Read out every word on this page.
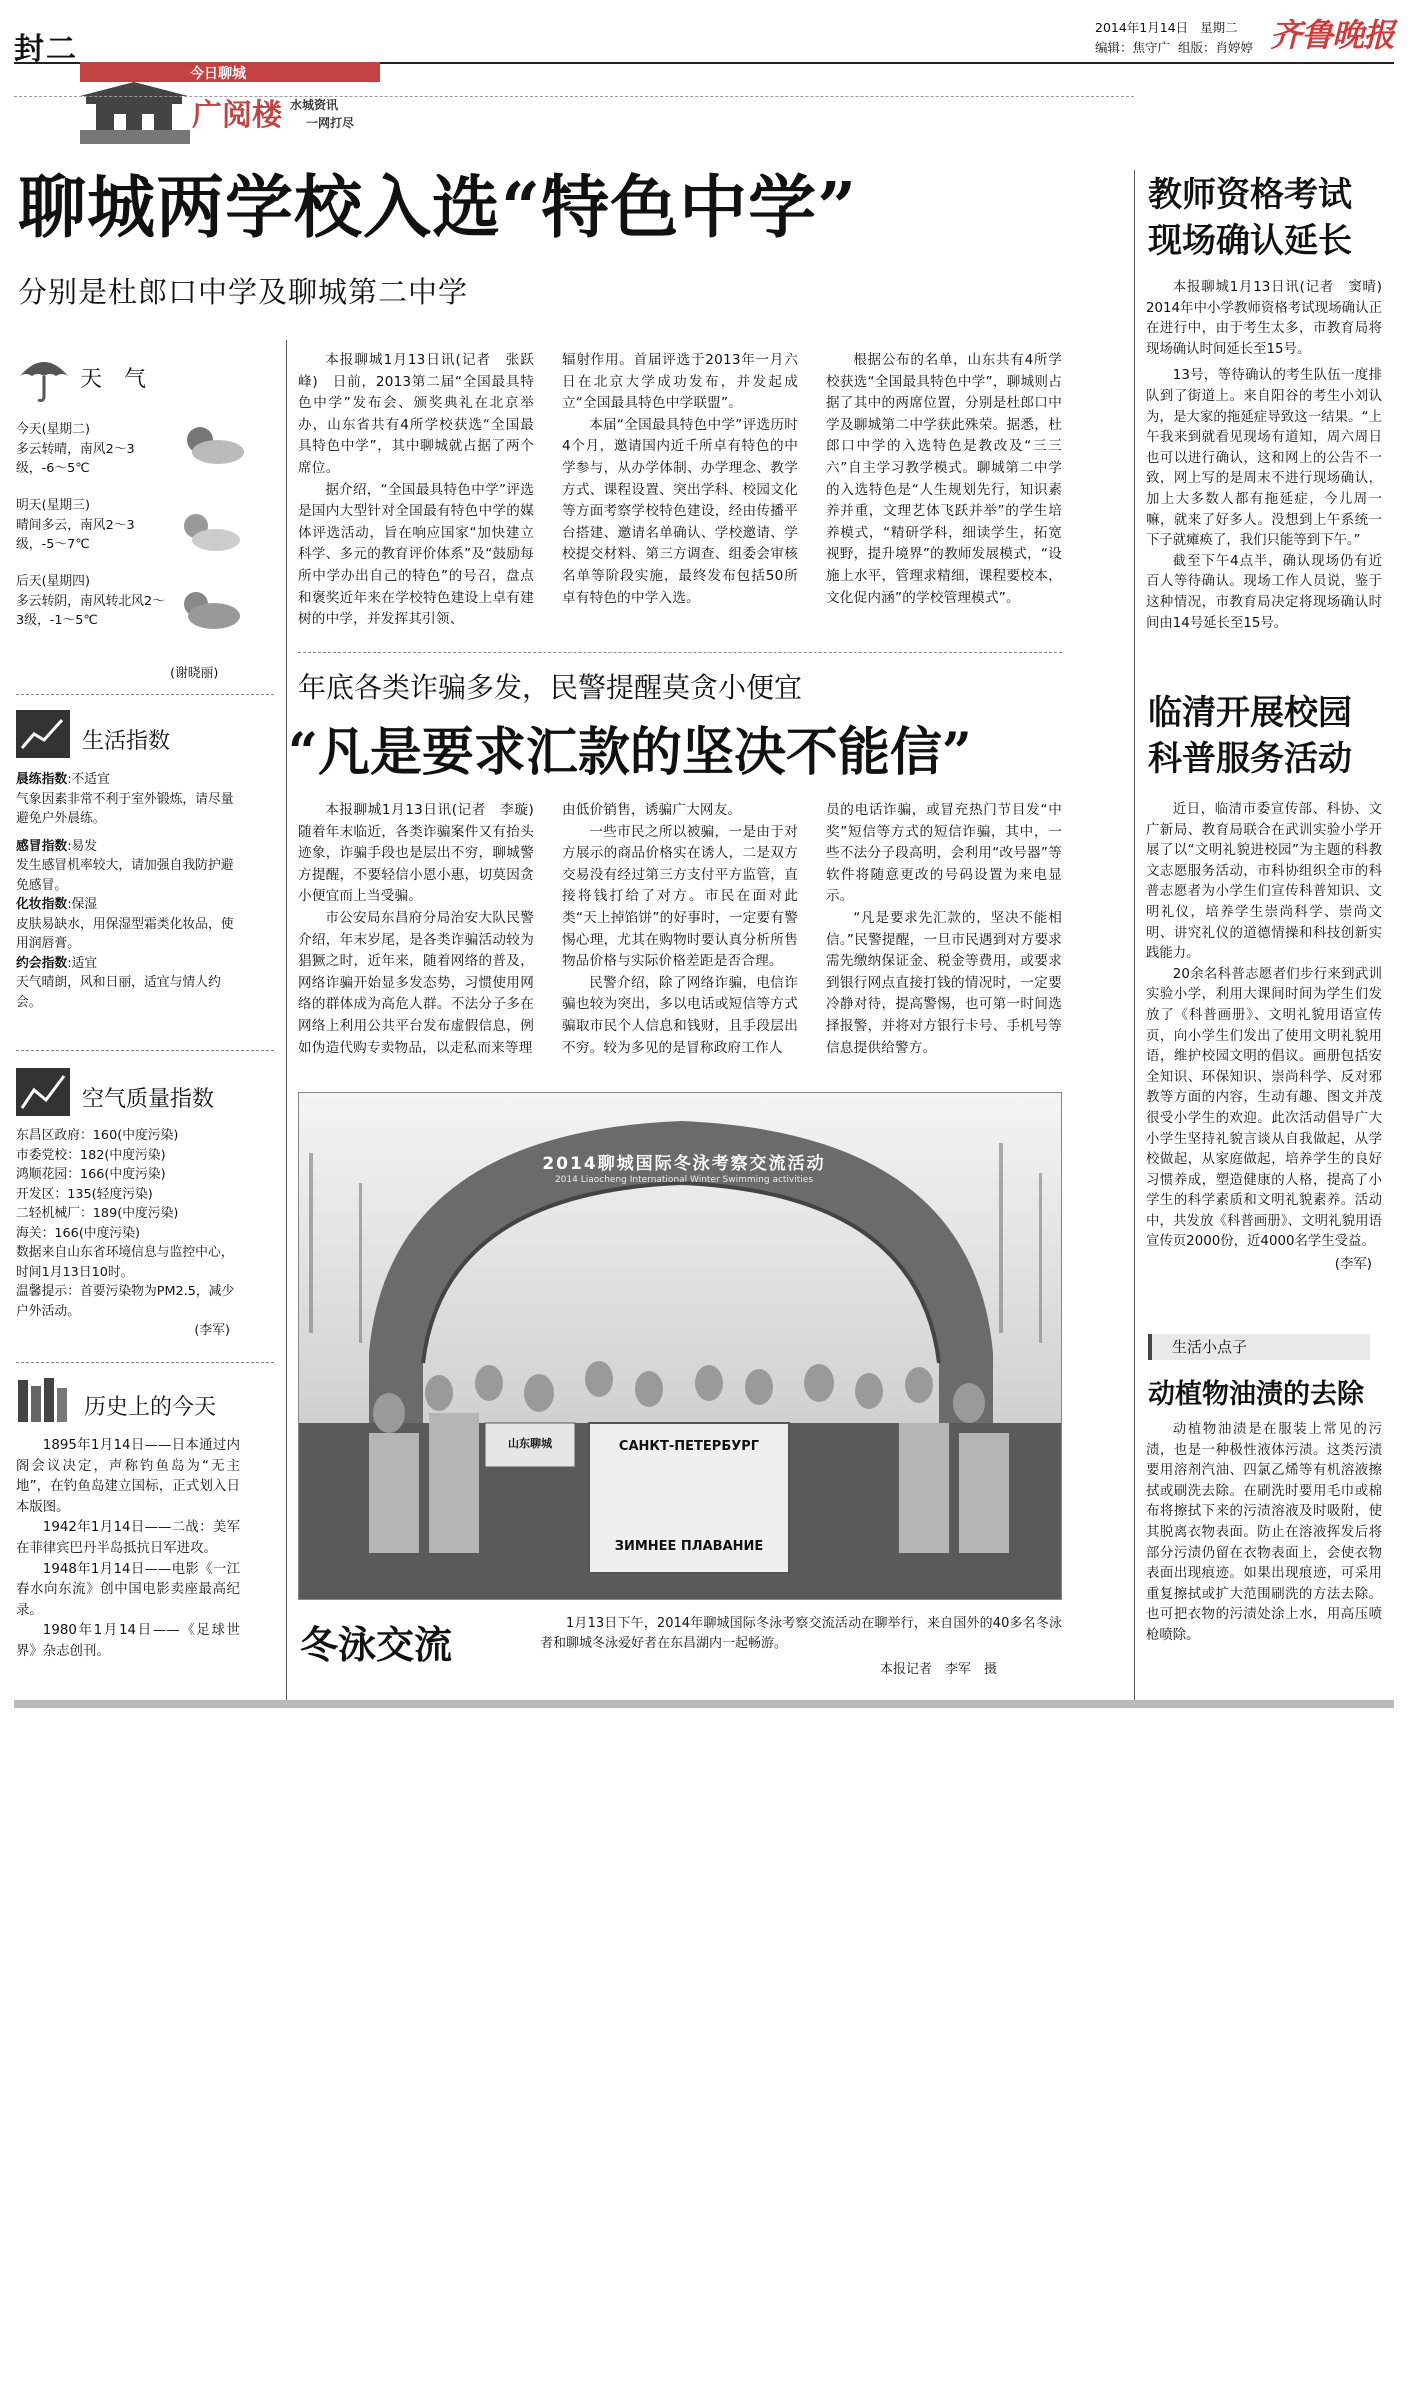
封二
2014年1月14日 星期二
编辑：焦守广 组版：肖婷婷 齐鲁晚报
今日聊城
广阅楼 水城资讯
一网打尽
聊城两学校入选“特色中学”
分别是杜郎口中学及聊城第二中学

本报聊城1月13日讯(记者　张跃峰)　日前，2013第二届“全国最具特色中学”发布会、颁奖典礼在北京举办，山东省共有4所学校获选“全国最具特色中学”，其中聊城就占据了两个席位。

据介绍，“全国最具特色中学”评选是国内大型针对全国最有特色中学的媒体评选活动，旨在响应国家“加快建立科学、多元的教育评价体系”及“鼓励每所中学办出自己的特色”的号召，盘点和褒奖近年来在学校特色建设上卓有建树的中学，并发挥其引领、

辐射作用。首届评选于2013年一月六日在北京大学成功发布，并发起成立“全国最具特色中学联盟”。

本届“全国最具特色中学”评选历时4个月，邀请国内近千所卓有特色的中学参与，从办学体制、办学理念、教学方式、课程设置、突出学科、校园文化等方面考察学校特色建设，经由传播平台搭建、邀请名单确认、学校邀请、学校提交材料、第三方调查、组委会审核名单等阶段实施，最终发布包括50所卓有特色的中学入选。

根据公布的名单，山东共有4所学校获选“全国最具特色中学”，聊城则占据了其中的两席位置，分别是杜郎口中学及聊城第二中学获此殊荣。据悉，杜郎口中学的入选特色是教改及“三三六”自主学习教学模式。聊城第二中学的入选特色是“人生规划先行，知识素养并重，文理艺体飞跃并举”的学生培养模式，“精研学科，细读学生，拓宽视野，提升境界”的教师发展模式，“设施上水平，管理求精细，课程要校本，文化促内涵”的学校管理模式”。

天　气
今天(星期二)
多云转晴，南风2～3级，-6～5℃
明天(星期三)
晴间多云，南风2～3级，-5～7℃
后天(星期四)
多云转阴，南风转北风2～3级，-1～5℃
(谢晓丽)
生活指数
晨练指数:不适宜
气象因素非常不利于室外锻炼，请尽量避免户外晨练。
感冒指数:易发
发生感冒机率较大，请加强自我防护避免感冒。
化妆指数:保湿
皮肤易缺水，用保湿型霜类化妆品，使用润唇膏。
约会指数:适宜
天气晴朗，风和日丽，适宜与情人约会。
空气质量指数
东昌区政府：160(中度污染)
市委党校：182(中度污染)
鸿顺花园：166(中度污染)
开发区：135(轻度污染)
二轻机械厂：189(中度污染)
海关：166(中度污染)
数据来自山东省环境信息与监控中心，时间1月13日10时。
温馨提示：首要污染物为PM2.5，减少户外活动。
(李军)
历史上的今天

1895年1月14日——日本通过内阁会议决定，声称钓鱼岛为“无主地”，在钓鱼岛建立国标，正式划入日本版图。

1942年1月14日——二战：美军在菲律宾巴丹半岛抵抗日军进攻。

1948年1月14日——电影《一江春水向东流》创中国电影卖座最高纪录。

1980年1月14日——《足球世界》杂志创刊。

年底各类诈骗多发，民警提醒莫贪小便宜
“凡是要求汇款的坚决不能信”

本报聊城1月13日讯(记者　李璇)　随着年末临近，各类诈骗案件又有抬头迹象，诈骗手段也是层出不穷，聊城警方提醒，不要轻信小恩小惠，切莫因贪小便宜而上当受骗。

市公安局东昌府分局治安大队民警介绍，年末岁尾，是各类诈骗活动较为猖獗之时，近年来，随着网络的普及，网络诈骗开始显多发态势，习惯使用网络的群体成为高危人群。不法分子多在网络上利用公共平台发布虚假信息，例如伪造代购专卖物品，以走私而来等理

由低价销售，诱骗广大网友。

一些市民之所以被骗，一是由于对方展示的商品价格实在诱人，二是双方交易没有经过第三方支付平方监管，直接将钱打给了对方。市民在面对此类“天上掉馅饼”的好事时，一定要有警惕心理，尤其在购物时要认真分析所售物品价格与实际价格差距是否合理。

民警介绍，除了网络诈骗，电信诈骗也较为突出，多以电话或短信等方式骗取市民个人信息和钱财，且手段层出不穷。较为多见的是冒称政府工作人

员的电话诈骗，或冒充热门节目发“中奖”短信等方式的短信诈骗，其中，一些不法分子段高明，会利用“改号器”等软件将随意更改的号码设置为来电显示。

“凡是要求先汇款的，坚决不能相信。”民警提醒，一旦市民遇到对方要求需先缴纳保证金、税金等费用，或要求到银行网点直接打钱的情况时，一定要冷静对待，提高警惕，也可第一时间选择报警，并将对方银行卡号、手机号等信息提供给警方。

2014聊城国际冬泳考察交流活动
2014 Liaocheng International Winter Swimming activities
САНКТ-ПЕТЕРБУРГ
ЗИМНЕЕ ПЛАВАНИЕ
山东聊城
冬泳交流	1月13日下午，2014年聊城国际冬泳考察交流活动在聊举行，来自国外的40多名冬泳者和聊城冬泳爱好者在东昌湖内一起畅游。
本报记者　李军　摄
教师资格考试
现场确认延长

本报聊城1月13日讯(记者　窦晴)　2014年中小学教师资格考试现场确认正在进行中，由于考生太多，市教育局将现场确认时间延长至15号。

13号，等待确认的考生队伍一度排队到了街道上。来自阳谷的考生小刘认为，是大家的拖延症导致这一结果。“上午我来到就看见现场有道知，周六周日也可以进行确认，这和网上的公告不一致，网上写的是周末不进行现场确认，加上大多数人都有拖延症，今儿周一嘛，就来了好多人。没想到上午系统一下子就瘫痪了，我们只能等到下午。”

截至下午4点半，确认现场仍有近百人等待确认。现场工作人员说，鉴于这种情况，市教育局决定将现场确认时间由14号延长至15号。

临清开展校园
科普服务活动

近日，临清市委宣传部、科协、文广新局、教育局联合在武训实验小学开展了以“文明礼貌进校园”为主题的科教文志愿服务活动，市科协组织全市的科普志愿者为小学生们宣传科普知识、文明礼仪，培养学生崇尚科学、崇尚文明、讲究礼仪的道德情操和科技创新实践能力。

20余名科普志愿者们步行来到武训实验小学，利用大课间时间为学生们发放了《科普画册》、文明礼貌用语宣传页，向小学生们发出了使用文明礼貌用语，维护校园文明的倡议。画册包括安全知识、环保知识、崇尚科学、反对邪教等方面的内容，生动有趣、图文并茂很受小学生的欢迎。此次活动倡导广大小学生坚持礼貌言谈从自我做起，从学校做起，从家庭做起，培养学生的良好习惯养成，塑造健康的人格，提高了小学生的科学素质和文明礼貌素养。活动中，共发放《科普画册》、文明礼貌用语宣传页2000份，近4000名学生受益。

(李军)
生活小点子
动植物油渍的去除

动植物油渍是在服装上常见的污渍，也是一种极性液体污渍。这类污渍要用溶剂汽油、四氯乙烯等有机溶液擦拭或刷洗去除。在刷洗时要用毛巾或棉布将擦拭下来的污渍溶液及时吸附，使其脱离衣物表面。防止在溶液挥发后将部分污渍仍留在衣物表面上，会使衣物表面出现痕迹。如果出现痕迹，可采用重复擦拭或扩大范围刷洗的方法去除。也可把衣物的污渍处涂上水，用高压喷枪喷除。
